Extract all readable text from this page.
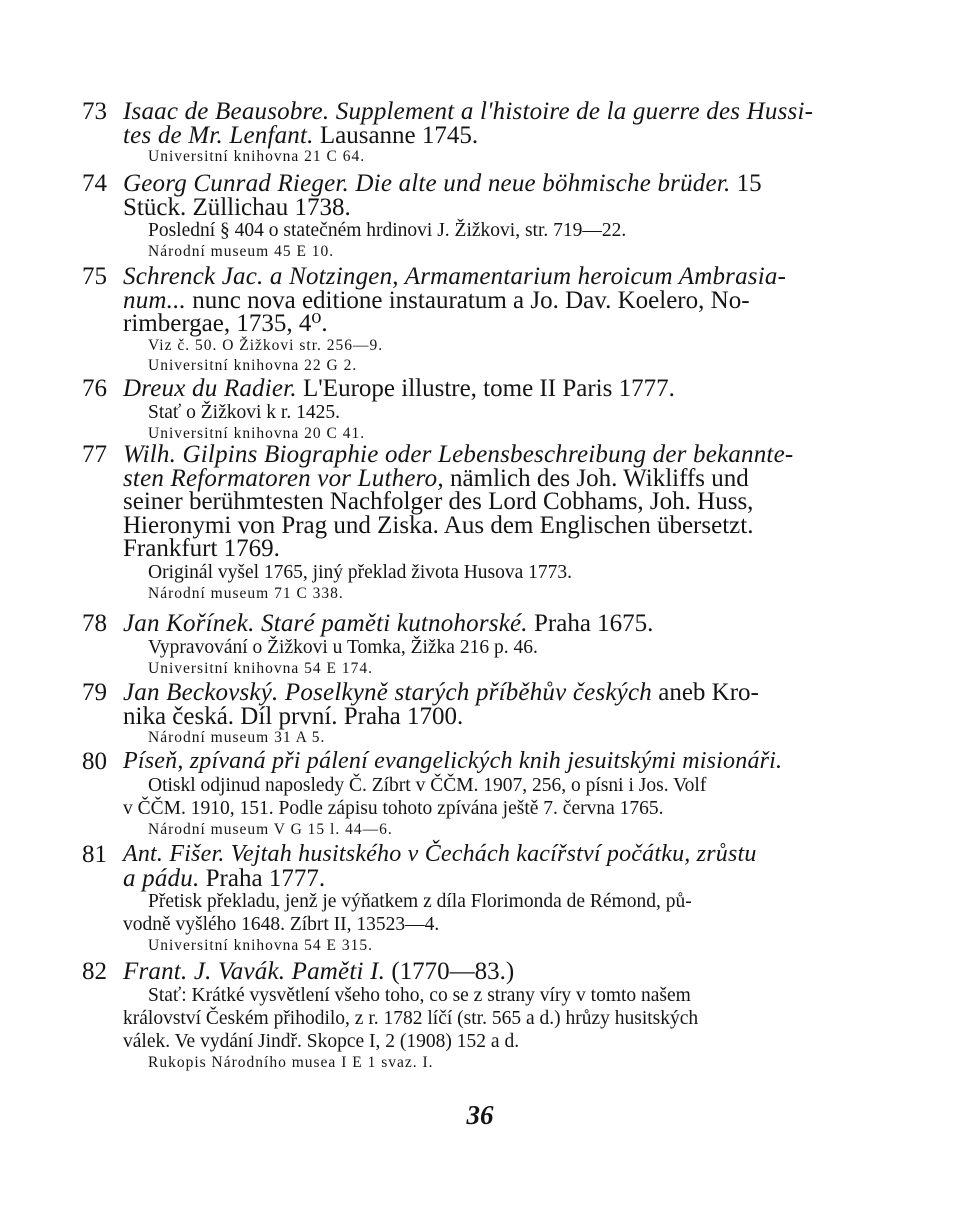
73 Isaac de Beausobre. Supplement a l'histoire de la guerre des Hussi-

tes de Mr. Lenfant. Lausanne 1745.

Universitní knihovna 21 C 64.

74 Georg Cunrad Rieger. Die alte und neue böhmische brüder. 15

Stück. Züllichau 1738.

Poslední § 404 o statečném hrdinovi J. Žižkovi, str. 719—22.

Národní museum 45 E 10.

75 Schrenck Jac. a Notzingen, Armamentarium heroicum Ambrasia-

num... nunc nova editione instauratum a Jo. Dav. Koelero, No-

rimbergae, 1735, 4⁰.

Viz č. 50. O Žižkovi str. 256—9.

Universitní knihovna 22 G 2.

76 Dreux du Radier. L'Europe illustre, tome II Paris 1777.

Stať o Žižkovi k r. 1425.

Universitní knihovna 20 C 41.

77 Wilh. Gilpins Biographie oder Lebensbeschreibung der bekannte-

sten Reformatoren vor Luthero, nämlich des Joh. Wikliffs und

seiner berühmtesten Nachfolger des Lord Cobhams, Joh. Huss,

Hieronymi von Prag und Ziska. Aus dem Englischen übersetzt.

Frankfurt 1769.

Originál vyšel 1765, jiný překlad života Husova 1773.

Národní museum 71 C 338.

78 Jan Kořínek. Staré paměti kutnohorské. Praha 1675.

Vypravování o Žižkovi u Tomka, Žižka 216 p. 46.

Universitní knihovna 54 E 174.

79 Jan Beckovský. Poselkyně starých příběhův českých aneb Kro-

nika česká. Díl první. Praha 1700.

Národní museum 31 A 5.

80 Píseň, zpívaná při pálení evangelických knih jesuitskými misionáři.

Otiskl odjinud naposledy Č. Zíbrt v ČČM. 1907, 256, o písni i Jos. Volf

v ČČM. 1910, 151. Podle zápisu tohoto zpívána ještě 7. června 1765.

Národní museum V G 15 l. 44—6.

81 Ant. Fišer. Vejtah husitského v Čechách kacířství počátku, zrůstu

a pádu. Praha 1777.

Přetisk překladu, jenž je výňatkem z díla Florimonda de Rémond, pů-

vodně vyšlého 1648. Zíbrt II, 13523—4.

Universitní knihovna 54 E 315.

82 Frant. J. Vavák. Paměti I. (1770—83.)

Stať: Krátké vysvětlení všeho toho, co se z strany víry v tomto našem

království Českém přihodilo, z r. 1782 líčí (str. 565 a d.) hrůzy husitských

válek. Ve vydání Jindř. Skopce I, 2 (1908) 152 a d.

Rukopis Národního musea I E 1 svaz. I.

36
